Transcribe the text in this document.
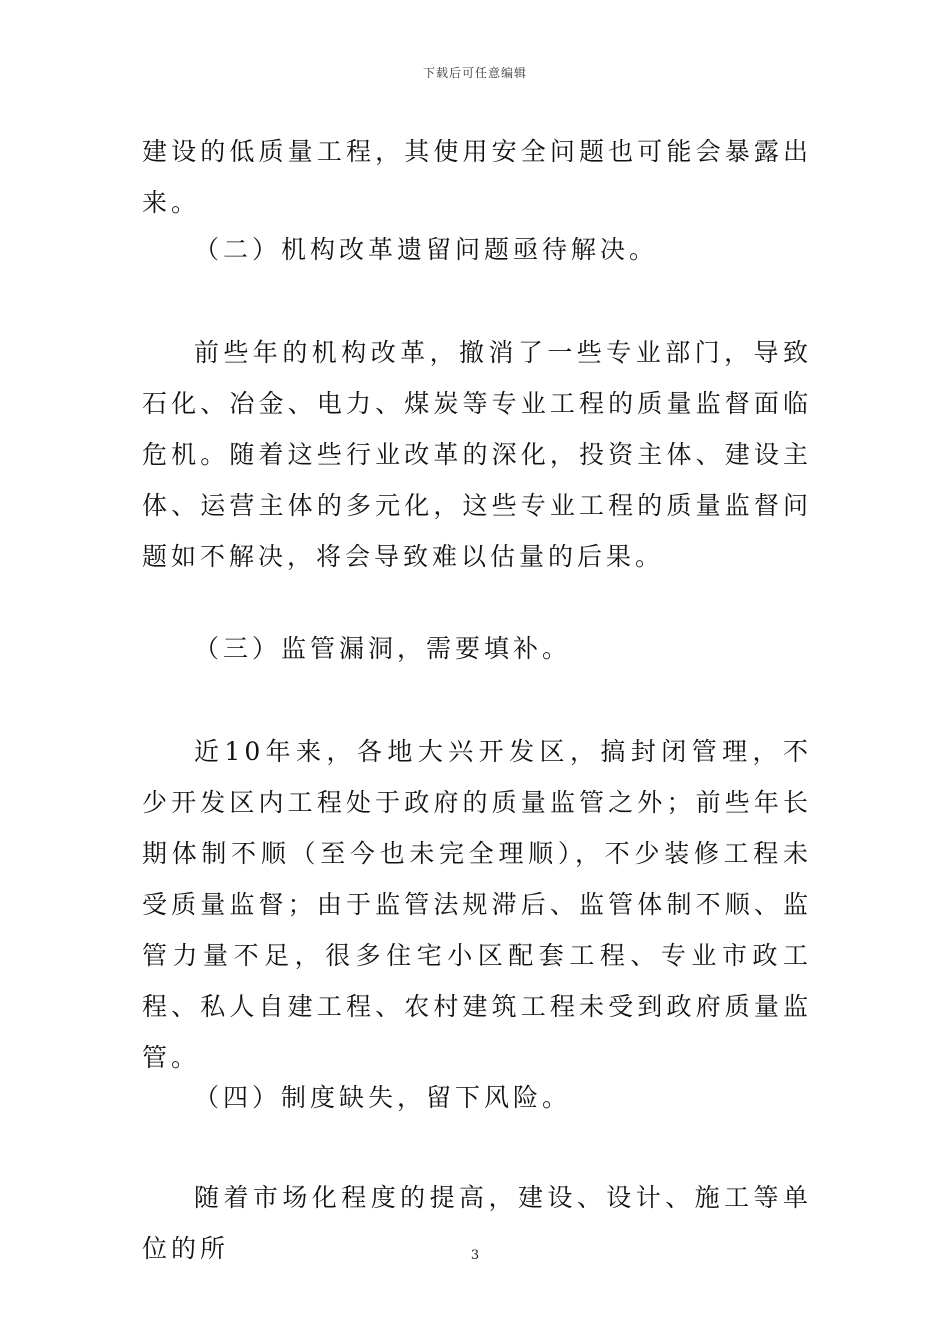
下载后可任意编辑

建设的低质量工程，其使用安全问题也可能会暴露出来。

（二）机构改革遗留问题亟待解决。

前些年的机构改革，撤消了一些专业部门，导致石化、冶金、电力、煤炭等专业工程的质量监督面临危机。随着这些行业改革的深化，投资主体、建设主体、运营主体的多元化，这些专业工程的质量监督问题如不解决，将会导致难以估量的后果。

（三）监管漏洞，需要填补。

近10年来，各地大兴开发区，搞封闭管理，不少开发区内工程处于政府的质量监管之外；前些年长期体制不顺（至今也未完全理顺），不少装修工程未受质量监督；由于监管法规滞后、监管体制不顺、监管力量不足，很多住宅小区配套工程、专业市政工程、私人自建工程、农村建筑工程未受到政府质量监管。

（四）制度缺失，留下风险。

随着市场化程度的提高，建设、设计、施工等单位的所	3
